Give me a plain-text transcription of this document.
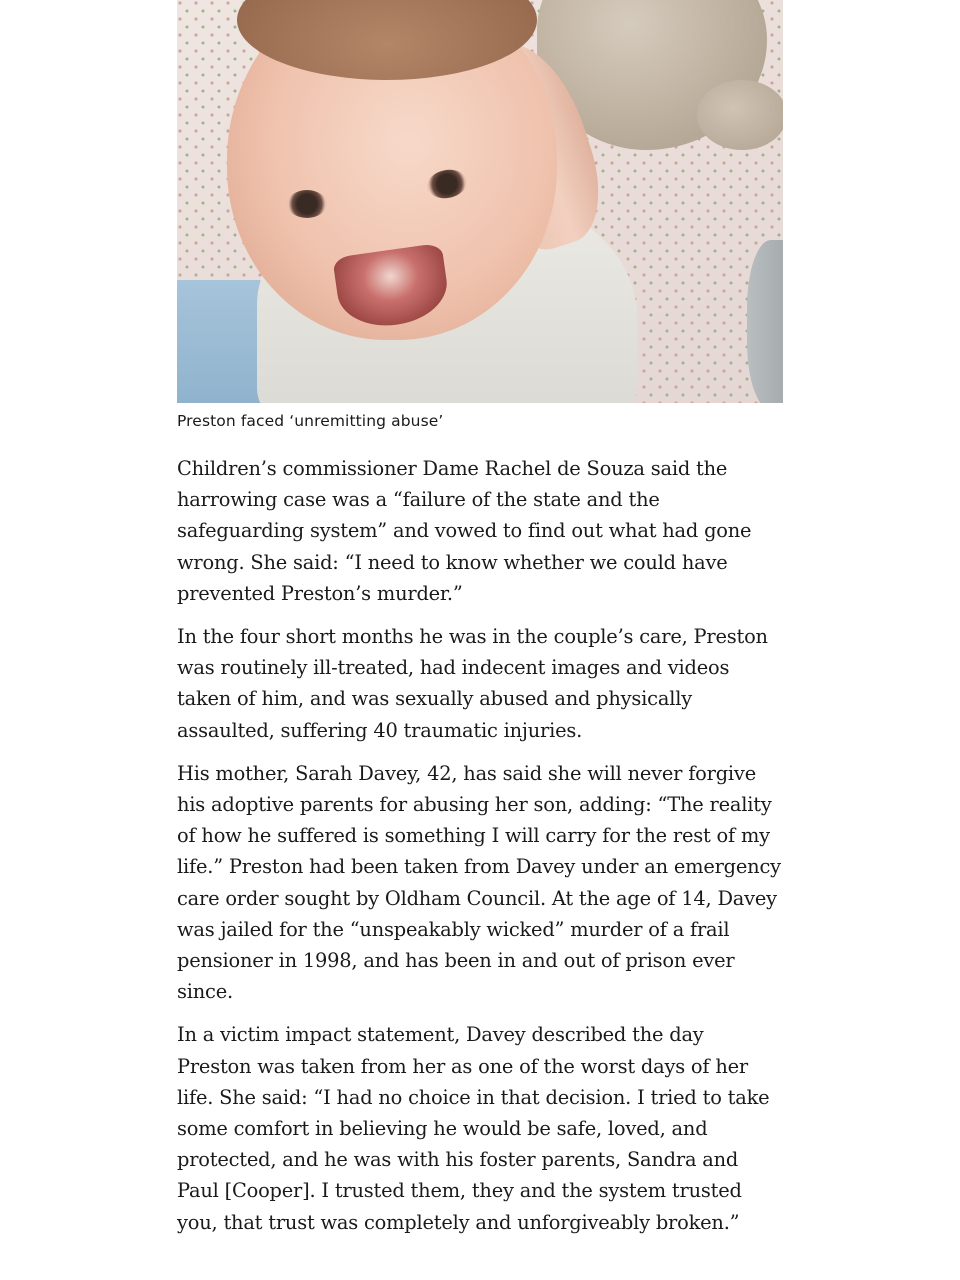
Preston faced ‘unremitting abuse’

Children’s commissioner Dame Rachel de Souza said the harrowing case was a “failure of the state and the safeguarding system” and vowed to find out what had gone wrong. She said: “I need to know whether we could have prevented Preston’s murder.”

In the four short months he was in the couple’s care, Preston was routinely ill-treated, had indecent images and videos taken of him, and was sexually abused and physically assaulted, suffering 40 traumatic injuries.

His mother, Sarah Davey, 42, has said she will never forgive his adoptive parents for abusing her son, adding: “The reality of how he suffered is something I will carry for the rest of my life.” Preston had been taken from Davey under an emergency care order sought by Oldham Council. At the age of 14, Davey was jailed for the “unspeakably wicked” murder of a frail pensioner in 1998, and has been in and out of prison ever since.

In a victim impact statement, Davey described the day Preston was taken from her as one of the worst days of her life. She said: “I had no choice in that decision. I tried to take some comfort in believing he would be safe, loved, and protected, and he was with his foster parents, Sandra and Paul [Cooper]. I trusted them, they and the system trusted you, that trust was completely and unforgiveably broken.”
